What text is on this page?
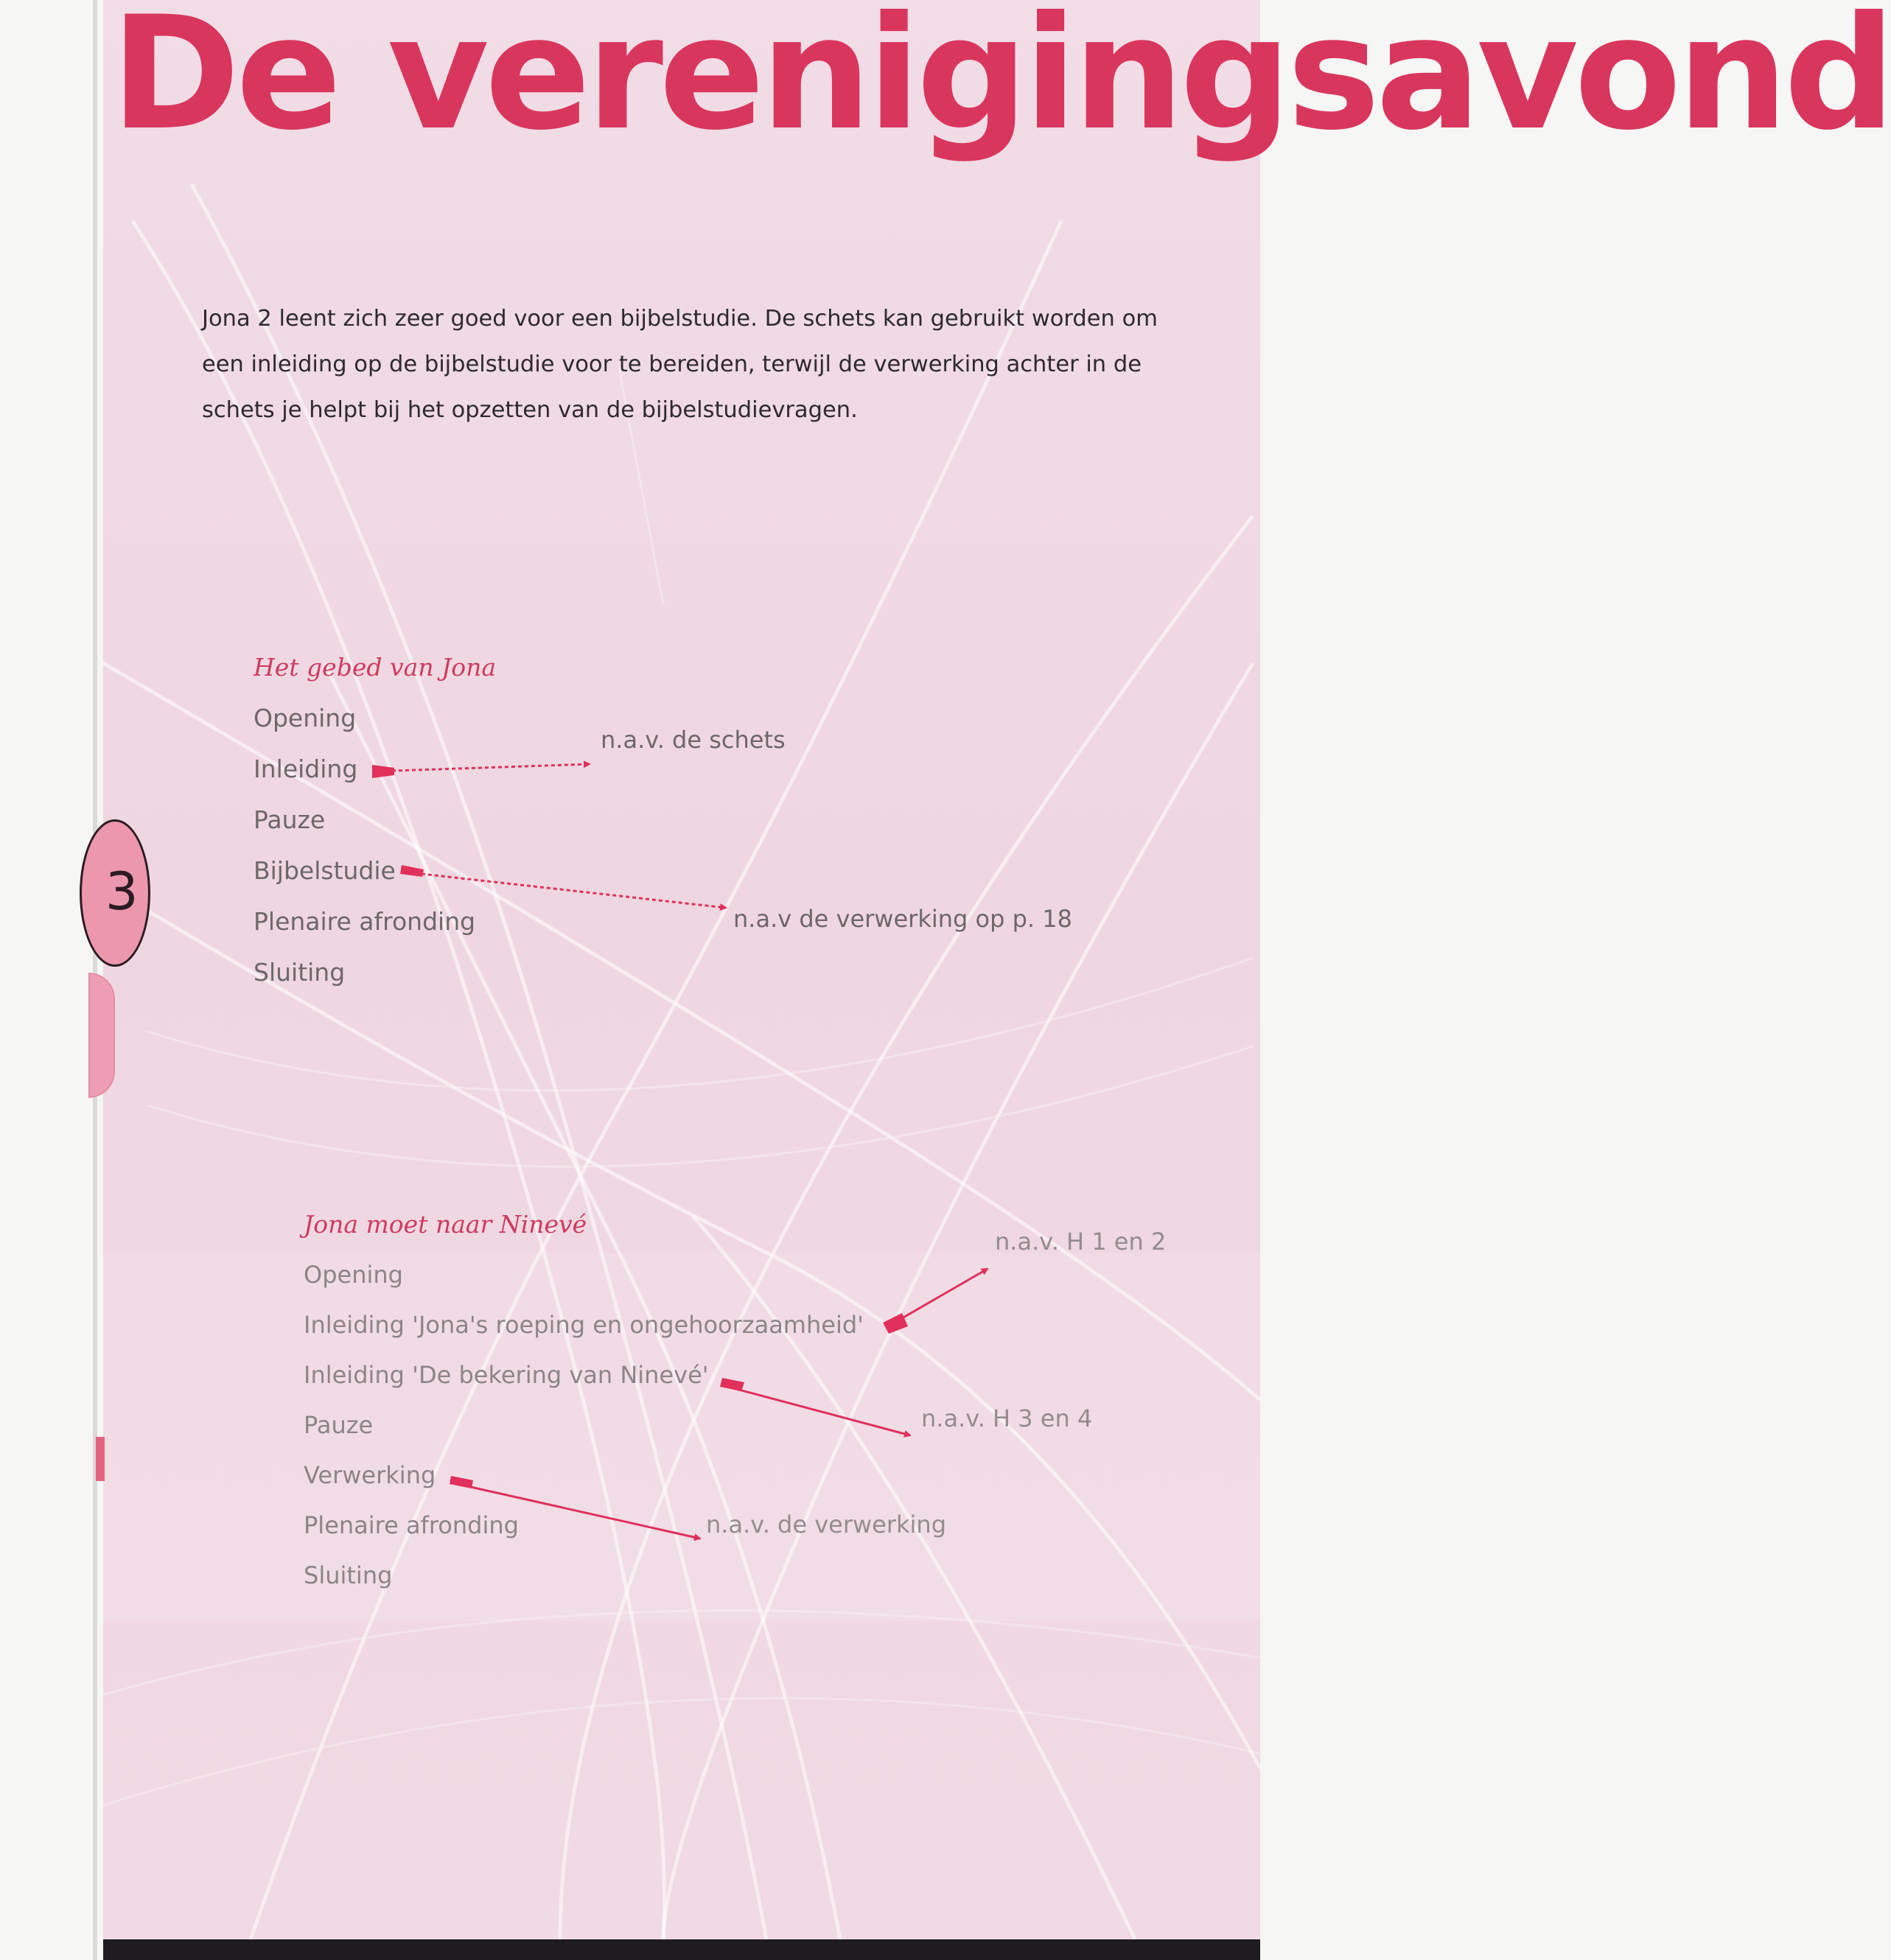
De verenigingsavond

Jona 2 leent zich zeer goed voor een bijbelstudie. De schets kan gebruikt worden om een inleiding op de bijbelstudie voor te bereiden, terwijl de verwerking achter in de schets je helpt bij het opzetten van de bijbelstudievragen.

Het gebed van Jona
Opening
Inleiding
Pauze
Bijbelstudie
Plenaire afronding
Sluiting
n.a.v. de schets
n.a.v de verwerking op p. 18
Jona moet naar Ninevé
Opening
Inleiding 'Jona's roeping en ongehoorzaamheid'
Inleiding 'De bekering van Ninevé'
Pauze
Verwerking
Plenaire afronding
Sluiting
n.a.v. H 1 en 2
n.a.v. H 3 en 4
n.a.v. de verwerking
3
